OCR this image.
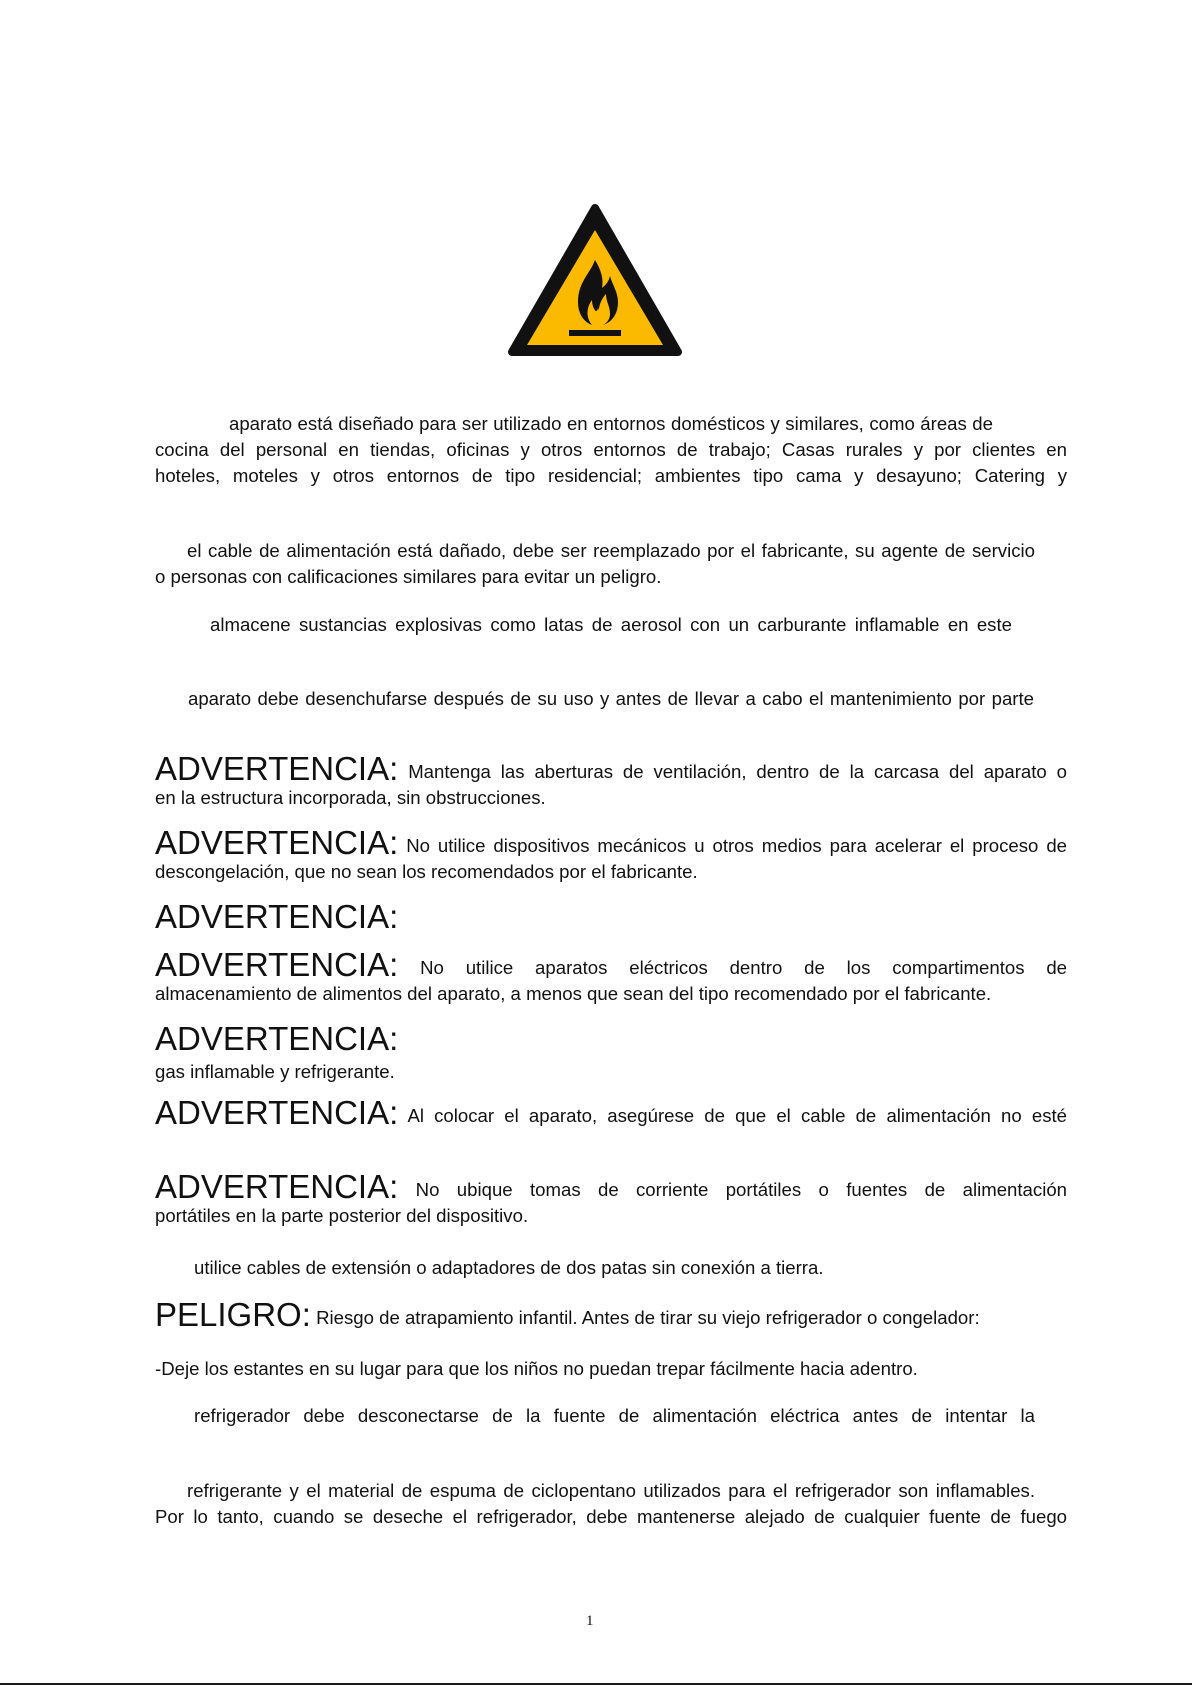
aparato está diseñado para ser utilizado en entornos domésticos y similares, como áreas de
cocina del personal en tiendas, oficinas y otros entornos de trabajo; Casas rurales y por clientes en
hoteles, moteles y otros entornos de tipo residencial; ambientes tipo cama y desayuno; Catering y
el cable de alimentación está dañado, debe ser reemplazado por el fabricante, su agente de servicio
o personas con calificaciones similares para evitar un peligro.
almacene sustancias explosivas como latas de aerosol con un carburante inflamable en este
aparato debe desenchufarse después de su uso y antes de llevar a cabo el mantenimiento por parte
ADVERTENCIA: Mantenga las aberturas de ventilación, dentro de la carcasa del aparato o
en la estructura incorporada, sin obstrucciones.
ADVERTENCIA: No utilice dispositivos mecánicos u otros medios para acelerar el proceso de
descongelación, que no sean los recomendados por el fabricante.
ADVERTENCIA:
ADVERTENCIA: No utilice aparatos eléctricos dentro de los compartimentos de
almacenamiento de alimentos del aparato, a menos que sean del tipo recomendado por el fabricante.
ADVERTENCIA:
gas inflamable y refrigerante.
ADVERTENCIA: Al colocar el aparato, asegúrese de que el cable de alimentación no esté
ADVERTENCIA: No ubique tomas de corriente portátiles o fuentes de alimentación
portátiles en la parte posterior del dispositivo.
utilice cables de extensión o adaptadores de dos patas sin conexión a tierra.
PELIGRO: Riesgo de atrapamiento infantil. Antes de tirar su viejo refrigerador o congelador:
-Deje los estantes en su lugar para que los niños no puedan trepar fácilmente hacia adentro.
refrigerador debe desconectarse de la fuente de alimentación eléctrica antes de intentar la
refrigerante y el material de espuma de ciclopentano utilizados para el refrigerador son inflamables.
Por lo tanto, cuando se deseche el refrigerador, debe mantenerse alejado de cualquier fuente de fuego
1
